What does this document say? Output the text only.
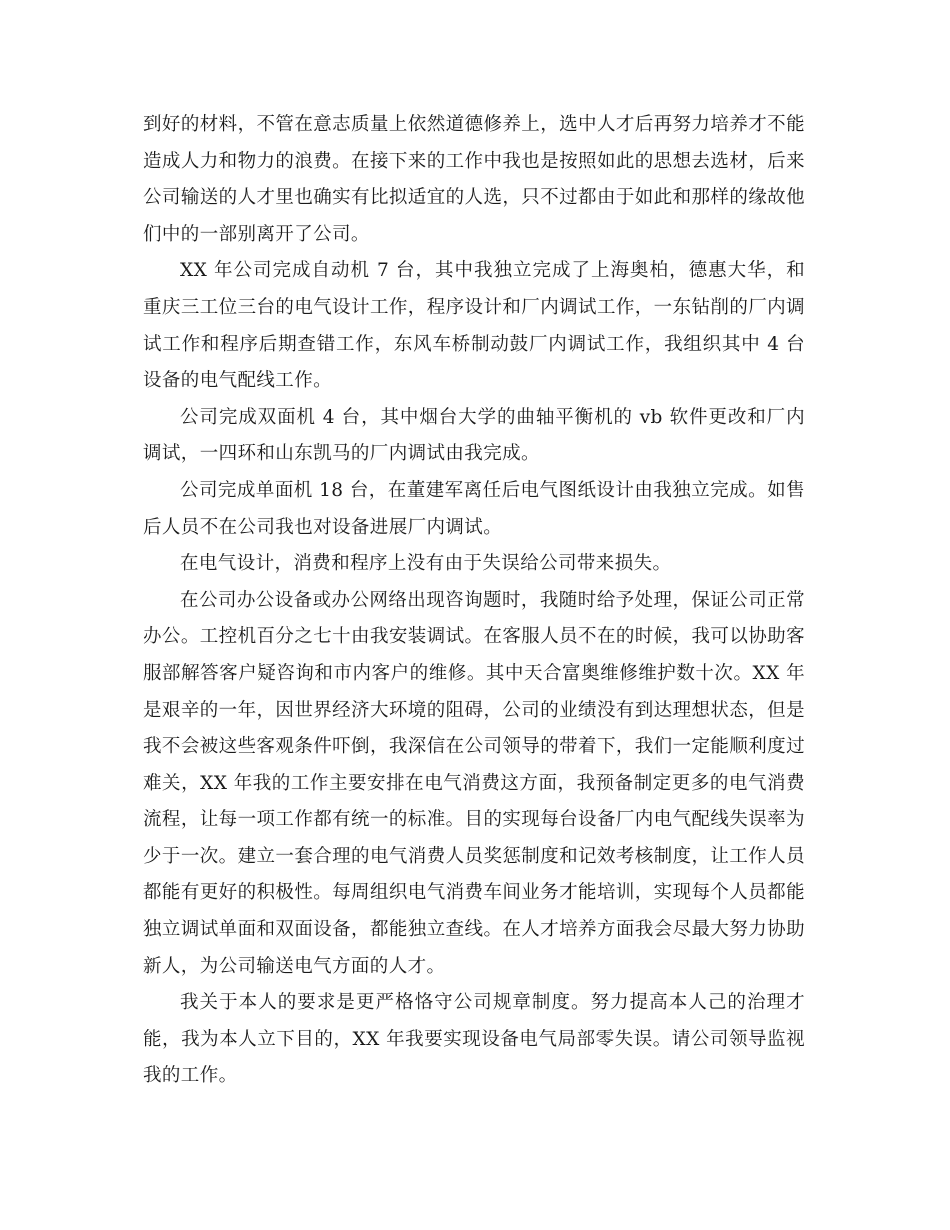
到好的材料，不管在意志质量上依然道德修养上，选中人才后再努力培养才不能造成人力和物力的浪费。在接下来的工作中我也是按照如此的思想去选材，后来公司输送的人才里也确实有比拟适宜的人选，只不过都由于如此和那样的缘故他们中的一部别离开了公司。

XX 年公司完成自动机 7 台，其中我独立完成了上海奥柏，德惠大华，和重庆三工位三台的电气设计工作，程序设计和厂内调试工作，一东钻削的厂内调试工作和程序后期查错工作，东风车桥制动鼓厂内调试工作，我组织其中 4 台设备的电气配线工作。

公司完成双面机 4 台，其中烟台大学的曲轴平衡机的 vb 软件更改和厂内调试，一四环和山东凯马的厂内调试由我完成。

公司完成单面机 18 台，在董建军离任后电气图纸设计由我独立完成。如售后人员不在公司我也对设备进展厂内调试。

在电气设计，消费和程序上没有由于失误给公司带来损失。

在公司办公设备或办公网络出现咨询题时，我随时给予处理，保证公司正常办公。工控机百分之七十由我安装调试。在客服人员不在的时候，我可以协助客服部解答客户疑咨询和市内客户的维修。其中天合富奥维修维护数十次。XX 年是艰辛的一年，因世界经济大环境的阻碍，公司的业绩没有到达理想状态，但是我不会被这些客观条件吓倒，我深信在公司领导的带着下，我们一定能顺利度过难关，XX 年我的工作主要安排在电气消费这方面，我预备制定更多的电气消费流程，让每一项工作都有统一的标准。目的实现每台设备厂内电气配线失误率为少于一次。建立一套合理的电气消费人员奖惩制度和记效考核制度，让工作人员都能有更好的积极性。每周组织电气消费车间业务才能培训，实现每个人员都能独立调试单面和双面设备，都能独立查线。在人才培养方面我会尽最大努力协助新人，为公司输送电气方面的人才。

我关于本人的要求是更严格恪守公司规章制度。努力提高本人己的治理才能，我为本人立下目的，XX 年我要实现设备电气局部零失误。请公司领导监视我的工作。
